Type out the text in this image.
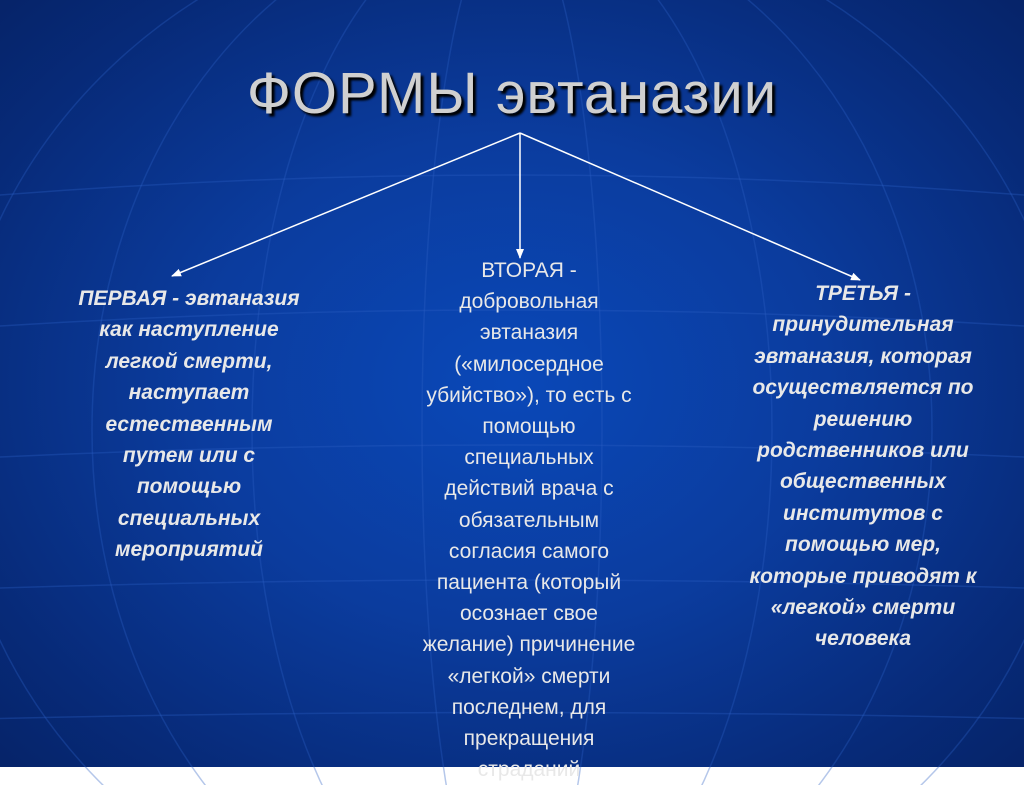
ФОРМЫ эвтаназии
ПЕРВАЯ - эвтаназия
как наступление
легкой смерти,
наступает
естественным
путем или с
помощью
специальных
мероприятий
ВТОРАЯ -
добровольная
эвтаназия
(«милосердное
убийство»), то есть с
помощью
специальных
действий врача с
обязательным
согласия самого
пациента (который
осознает свое
желание) причинение
«легкой» смерти
последнем, для
прекращения
страданий
ТРЕТЬЯ -
принудительная
эвтаназия, которая
осуществляется по
решению
родственников или
общественных
институтов с
помощью мер,
которые приводят к
«легкой» смерти
человека
